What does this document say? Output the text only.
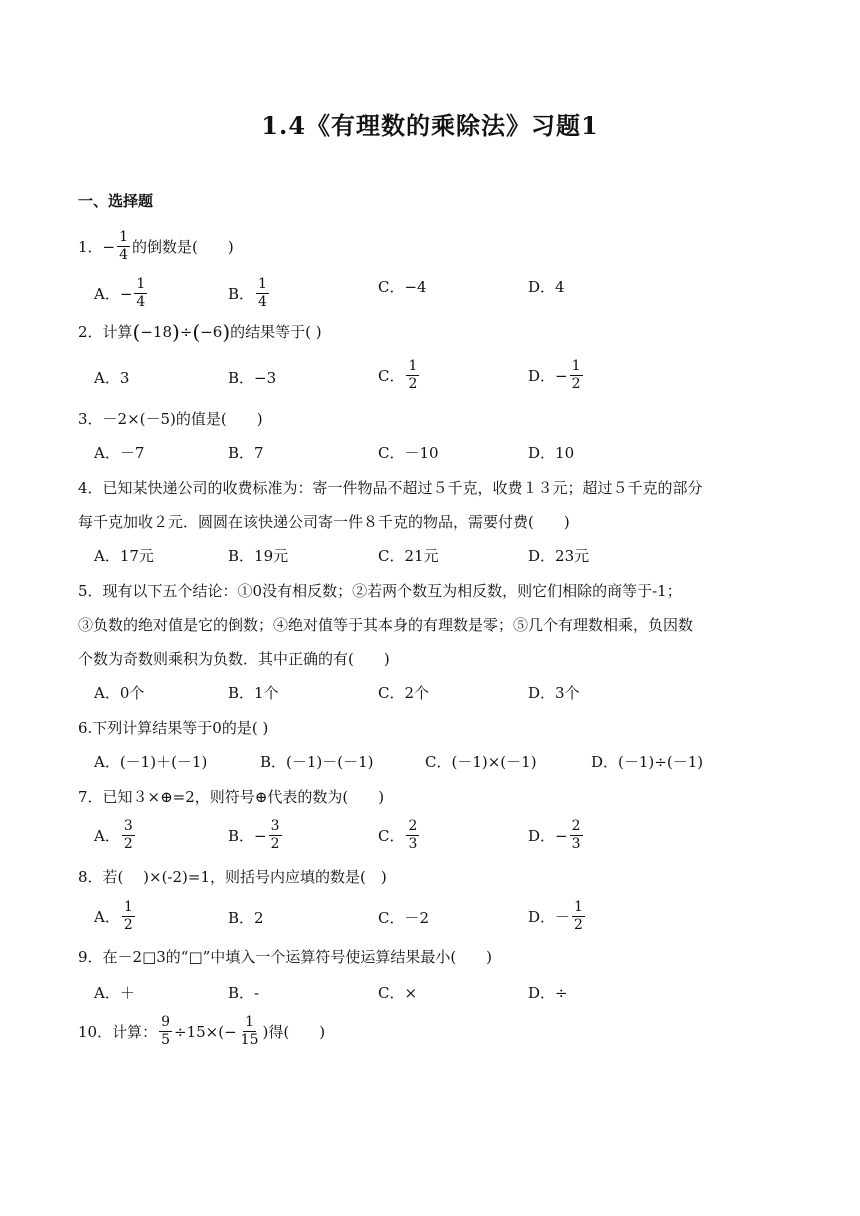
1.4《有理数的乘除法》习题1
一、选择题
1． − $\frac{1}{4}$ 的倒数是(　　)
A． − $\frac{1}{4}$	B． $\frac{1}{4}$	C．−4	D．4
2．计算 ( −18 ) ÷ ( −6 ) 的结果等于( )
A．3	B．−3	C． $\frac{1}{2}$	D． − $\frac{1}{2}$
3．－2×(－5)的值是(　　)
A．－7	B．7	C．－10	D．10
4．已知某快递公司的收费标准为：寄一件物品不超过５千克，收费１３元；超过５千克的部分
每千克加收２元．圆圆在该快递公司寄一件８千克的物品，需要付费(　　)
A．17元	B．19元	C．21元	D．23元
5．现有以下五个结论：①0没有相反数；②若两个数互为相反数，则它们相除的商等于-1；
③负数的绝对值是它的倒数；④绝对值等于其本身的有理数是零；⑤几个有理数相乘，负因数
个数为奇数则乘积为负数．其中正确的有(　　)
A．0个	B．1个	C．2个	D．3个
6.下列计算结果等于0的是( )
A．(－1)＋(－1)	B．(－1)－(－1)	C．(－1)×(－1)	D．(－1)÷(－1)
7．已知３×⊕=2，则符号⊕代表的数为(　　)
A． $\frac{3}{2}$	B． − $\frac{3}{2}$	C． $\frac{2}{3}$	D． − $\frac{2}{3}$
8．若(　 )×(-2)=1，则括号内应填的数是(　)
A． $\frac{1}{2}$	B．2	C．－2	D． － $\frac{1}{2}$
9．在－2□3的“□”中填入一个运算符号使运算结果最小(　　)
A．＋	B．-	C．×	D．÷
10．计算： $\frac{9}{5} \div 15\times(- \frac{1}{15}$ )得(　　)
